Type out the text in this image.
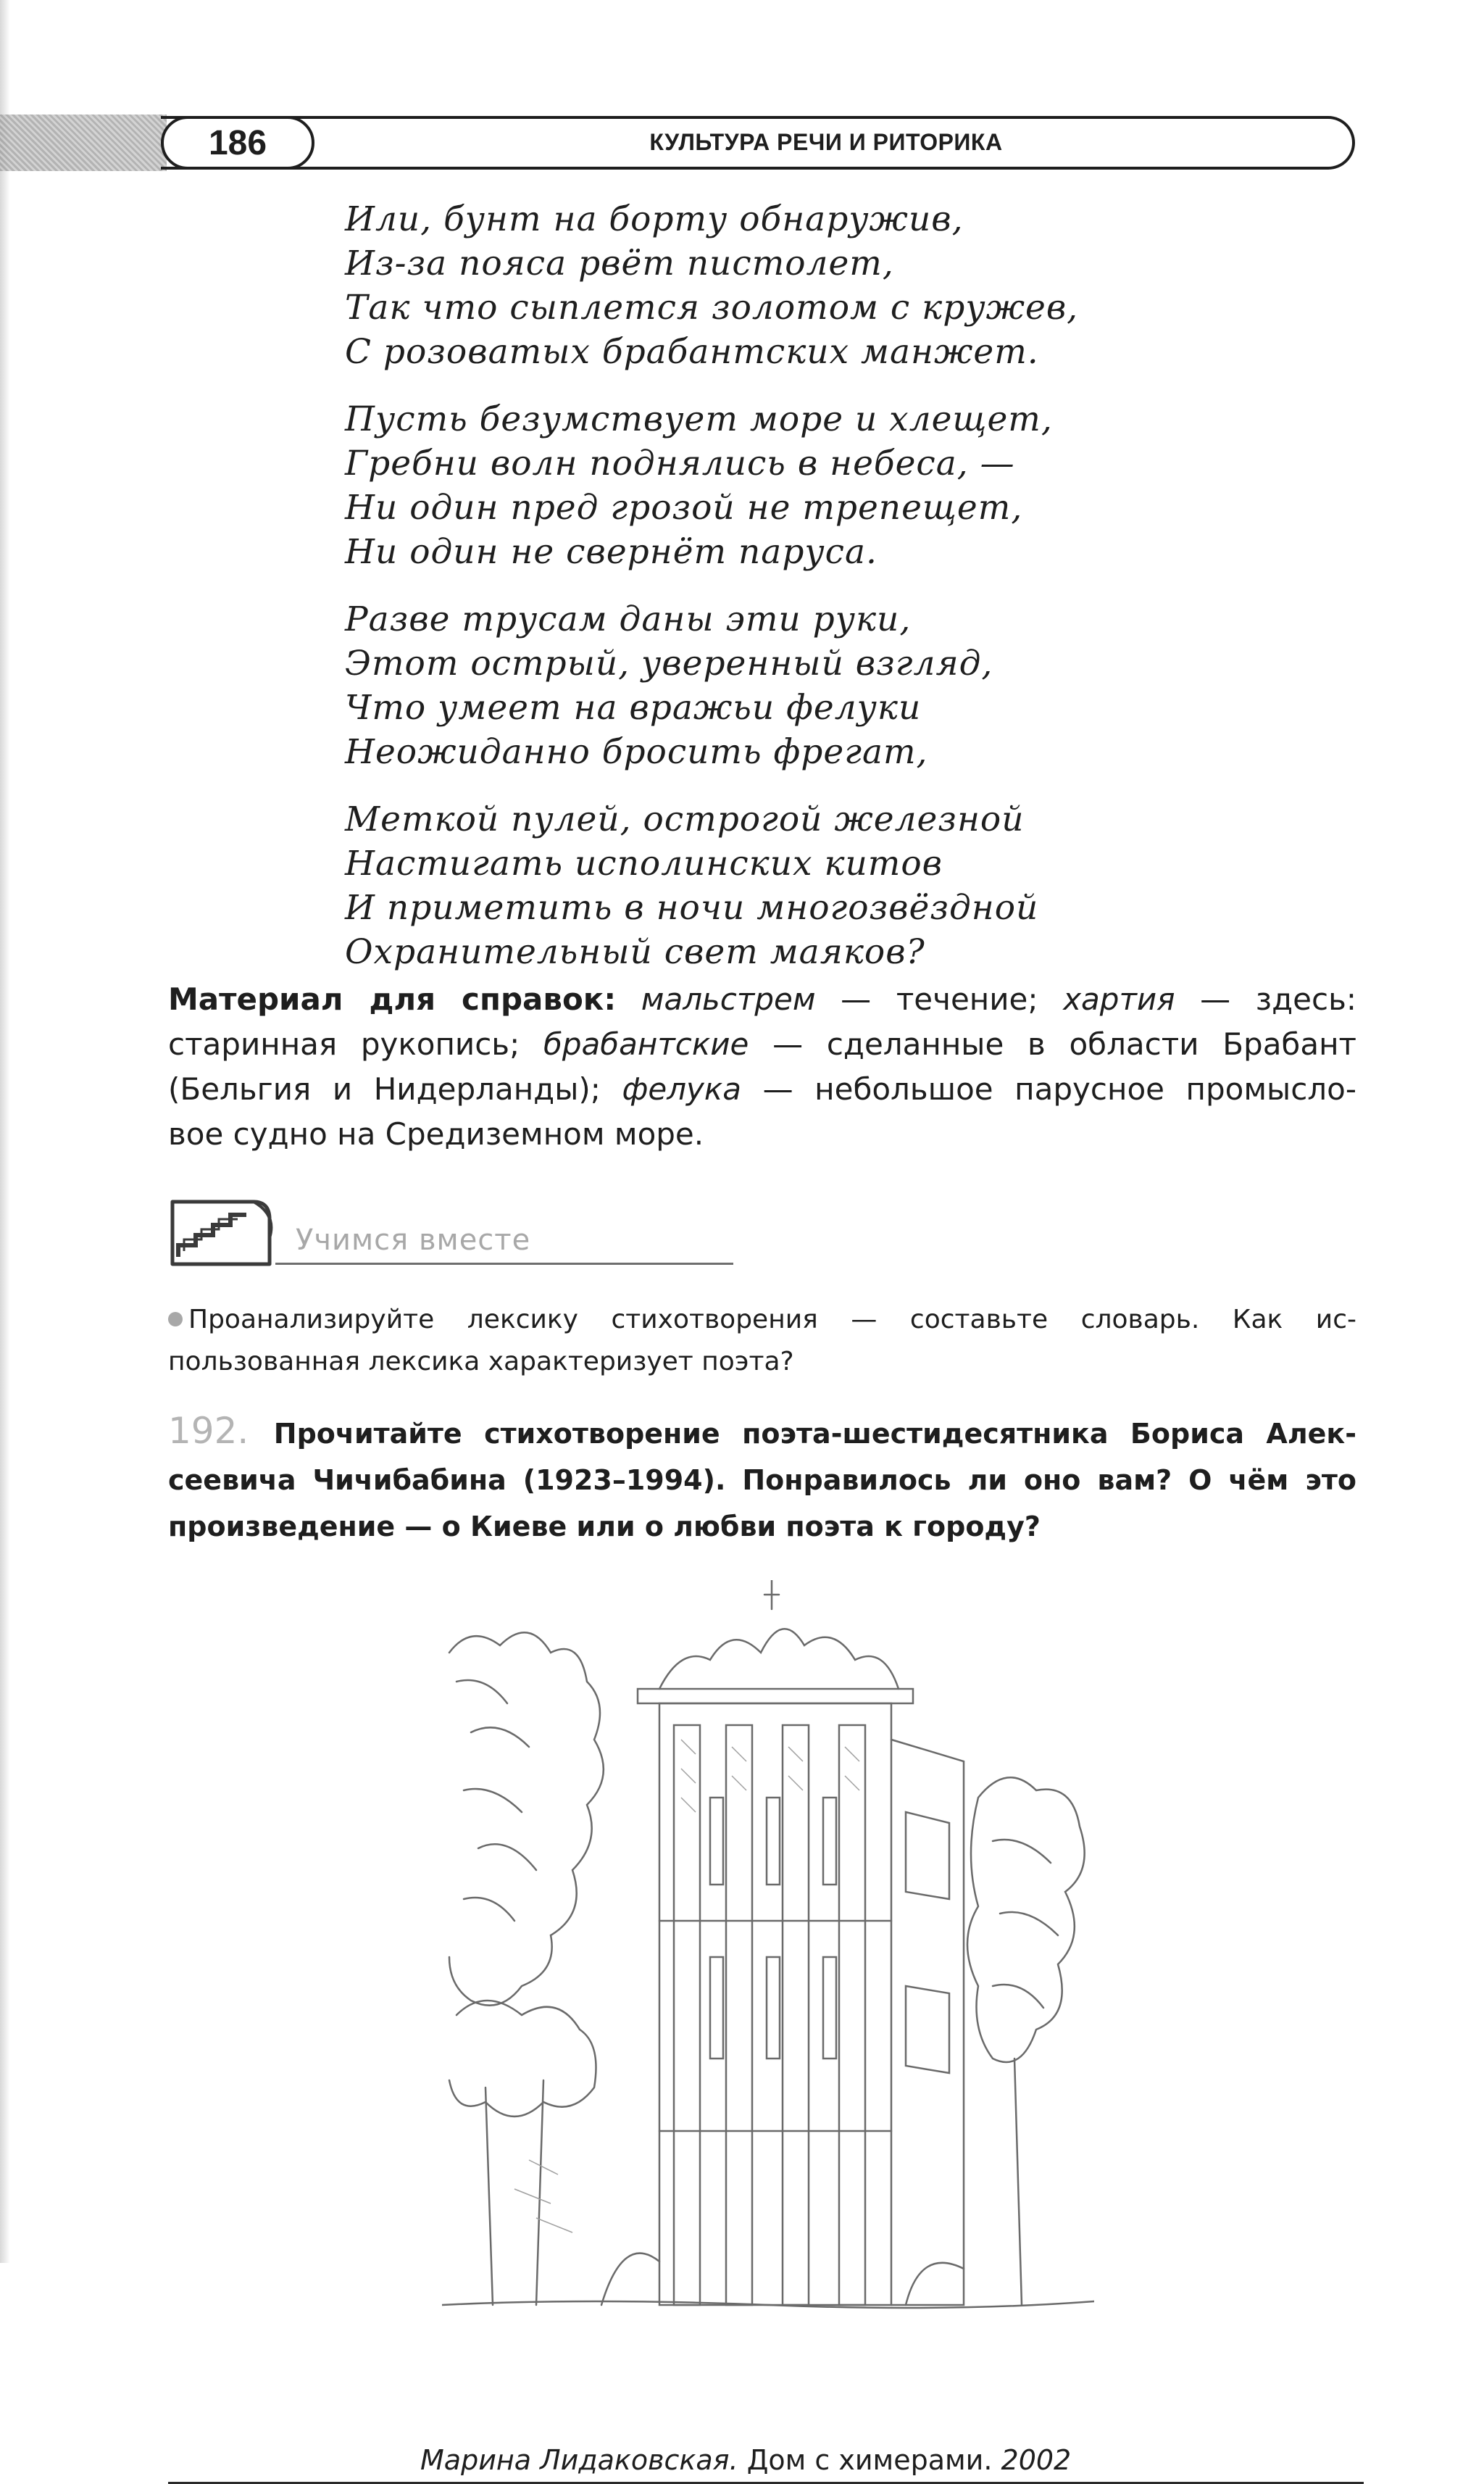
186	КУЛЬТУРА РЕЧИ И РИТОРИКА
Или, бунт на борту обнаружив,
Из-за пояса рвёт пистолет,
Так что сыплется золотом с кружев,
С розоватых брабантских манжет.
Пусть безумствует море и хлещет,
Гребни волн поднялись в небеса, —
Ни один пред грозой не трепещет,
Ни один не свернёт паруса.
Разве трусам даны эти руки,
Этот острый, уверенный взгляд,
Что умеет на вражьи фелуки
Неожиданно бросить фрегат,
Меткой пулей, острогой железной
Настигать исполинских китов
И приметить в ночи многозвёздной
Охранительный свет маяков?
Материал для справок: мальстрем — течение; хартия — здесь:
старинная рукопись; брабантские — сделанные в области Брабант
(Бельгия и Нидерланды); фелука — небольшое парусное промысло-
вое судно на Средиземном море.
Учимся вместе
Проанализируйте лексику стихотворения — составьте словарь. Как ис-
пользованная лексика характеризует поэта?
192. Прочитайте стихотворение поэта-шестидесятника Бориса Алек-
сеевича Чичибабина (1923–1994). Понравилось ли оно вам? О чём это
произведение — о Киеве или о любви поэта к городу?
Марина Лидаковская. Дом с химерами. 2002
